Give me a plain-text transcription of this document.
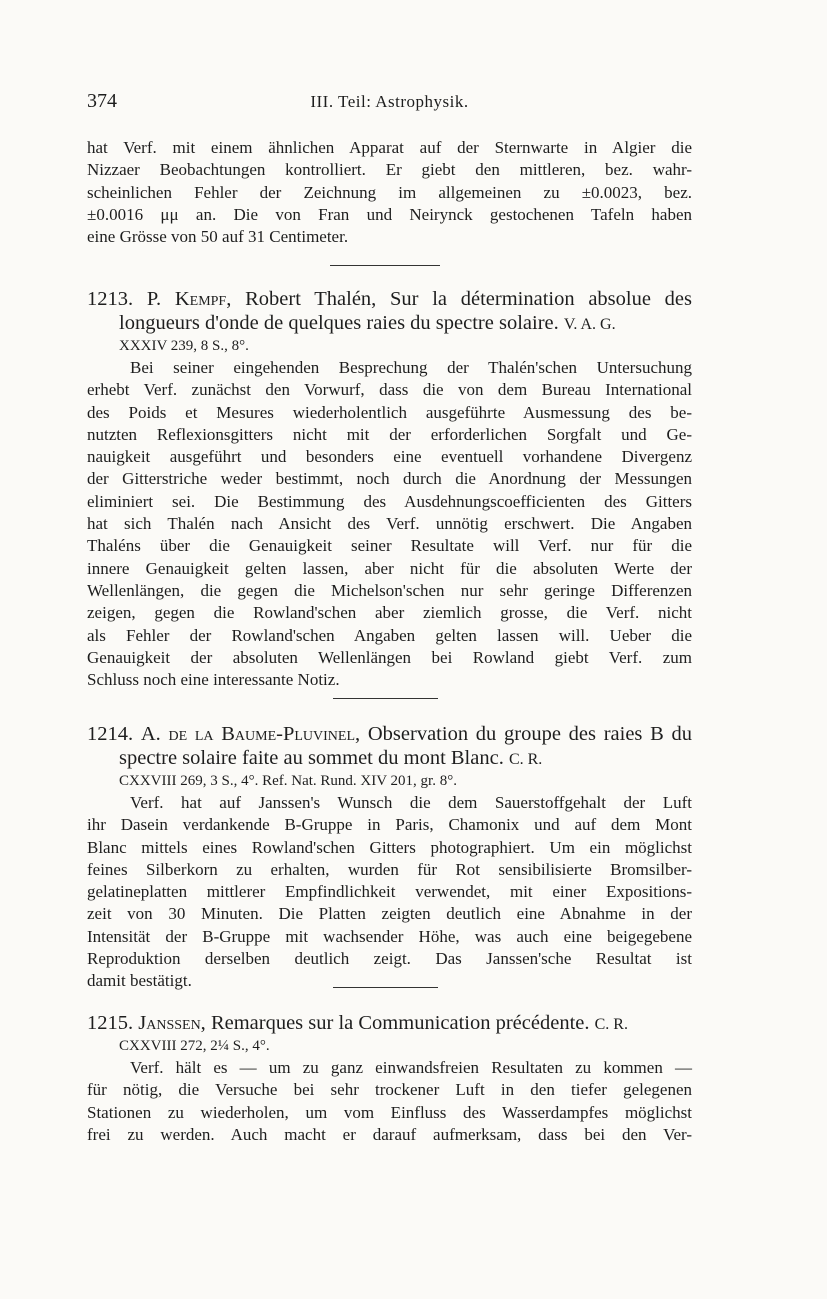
374	III. Teil: Astrophysik.
hat Verf. mit einem ähnlichen Apparat auf der Sternwarte in Algier die
Nizzaer Beobachtungen kontrolliert. Er giebt den mittleren, bez. wahr-
scheinlichen Fehler der Zeichnung im allgemeinen zu ±0.0023, bez.
±0.0016 μμ an. Die von Fran und Neirynck gestochenen Tafeln haben
eine Grösse von 50 auf 31 Centimeter.
1213. P. Kempf, Robert Thalén, Sur la détermination absolue des longueurs d'onde de quelques raies du spectre solaire. V. A. G.
XXXIV 239, 8 S., 8°.
Bei seiner eingehenden Besprechung der Thalén'schen Untersuchung
erhebt Verf. zunächst den Vorwurf, dass die von dem Bureau International
des Poids et Mesures wiederholentlich ausgeführte Ausmessung des be-
nutzten Reflexionsgitters nicht mit der erforderlichen Sorgfalt und Ge-
nauigkeit ausgeführt und besonders eine eventuell vorhandene Divergenz
der Gitterstriche weder bestimmt, noch durch die Anordnung der Messungen
eliminiert sei. Die Bestimmung des Ausdehnungscoefficienten des Gitters
hat sich Thalén nach Ansicht des Verf. unnötig erschwert. Die Angaben
Thaléns über die Genauigkeit seiner Resultate will Verf. nur für die
innere Genauigkeit gelten lassen, aber nicht für die absoluten Werte der
Wellenlängen, die gegen die Michelson'schen nur sehr geringe Differenzen
zeigen, gegen die Rowland'schen aber ziemlich grosse, die Verf. nicht
als Fehler der Rowland'schen Angaben gelten lassen will. Ueber die
Genauigkeit der absoluten Wellenlängen bei Rowland giebt Verf. zum
Schluss noch eine interessante Notiz.
1214. A. de la Baume-Pluvinel, Observation du groupe des raies B du spectre solaire faite au sommet du mont Blanc. C. R.
CXXVIII 269, 3 S., 4°. Ref. Nat. Rund. XIV 201, gr. 8°.
Verf. hat auf Janssen's Wunsch die dem Sauerstoffgehalt der Luft
ihr Dasein verdankende B-Gruppe in Paris, Chamonix und auf dem Mont
Blanc mittels eines Rowland'schen Gitters photographiert. Um ein möglichst
feines Silberkorn zu erhalten, wurden für Rot sensibilisierte Bromsilber-
gelatineplatten mittlerer Empfindlichkeit verwendet, mit einer Expositions-
zeit von 30 Minuten. Die Platten zeigten deutlich eine Abnahme in der
Intensität der B-Gruppe mit wachsender Höhe, was auch eine beigegebene
Reproduktion derselben deutlich zeigt. Das Janssen'sche Resultat ist
damit bestätigt.
1215. Janssen, Remarques sur la Communication précédente. C. R.
CXXVIII 272, 2¼ S., 4°.
Verf. hält es — um zu ganz einwandsfreien Resultaten zu kommen —
für nötig, die Versuche bei sehr trockener Luft in den tiefer gelegenen
Stationen zu wiederholen, um vom Einfluss des Wasserdampfes möglichst
frei zu werden. Auch macht er darauf aufmerksam, dass bei den Ver-
